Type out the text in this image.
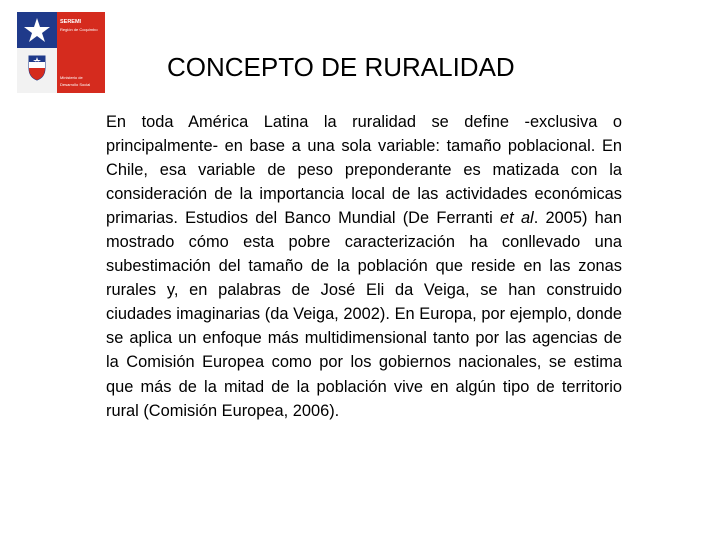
SEREMI
Región de Coquimbo
Ministerio de
Desarrollo Social
CONCEPTO DE RURALIDAD

En toda América Latina la ruralidad se define -exclusiva o principalmente- en base a una sola variable: tamaño poblacional. En Chile, esa variable de peso preponderante es matizada con la consideración de la importancia local de las actividades económicas primarias. Estudios del Banco Mundial (De Ferranti et al. 2005) han mostrado cómo esta pobre caracterización ha conllevado una subestimación del tamaño de la población que reside en las zonas rurales y, en palabras de José Eli da Veiga, se han construido ciudades imaginarias (da Veiga, 2002). En Europa, por ejemplo, donde se aplica un enfoque más multidimensional tanto por las agencias de la Comisión Europea como por los gobiernos nacionales, se estima que más de la mitad de la población vive en algún tipo de territorio rural (Comisión Europea, 2006).
